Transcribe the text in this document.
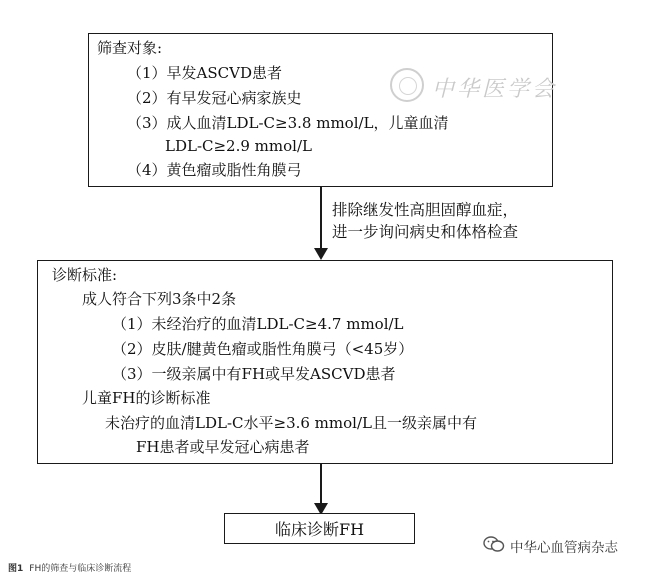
筛查对象:
（1）早发ASCVD患者
（2）有早发冠心病家族史
（3）成人血清LDL-C≥3.8 mmol/L，儿童血清
LDL-C≥2.9 mmol/L
（4）黄色瘤或脂性角膜弓
中华医学会
排除继发性高胆固醇血症，
进一步询问病史和体格检查
诊断标准:
成人符合下列3条中2条
（1）未经治疗的血清LDL-C≥4.7 mmol/L
（2）皮肤/腱黄色瘤或脂性角膜弓（<45岁）
（3）一级亲属中有FH或早发ASCVD患者
儿童FH的诊断标准
未治疗的血清LDL-C水平≥3.6 mmol/L且一级亲属中有
FH患者或早发冠心病患者
临床诊断FH
图1 FH的筛查与临床诊断流程
中华心血管病杂志
